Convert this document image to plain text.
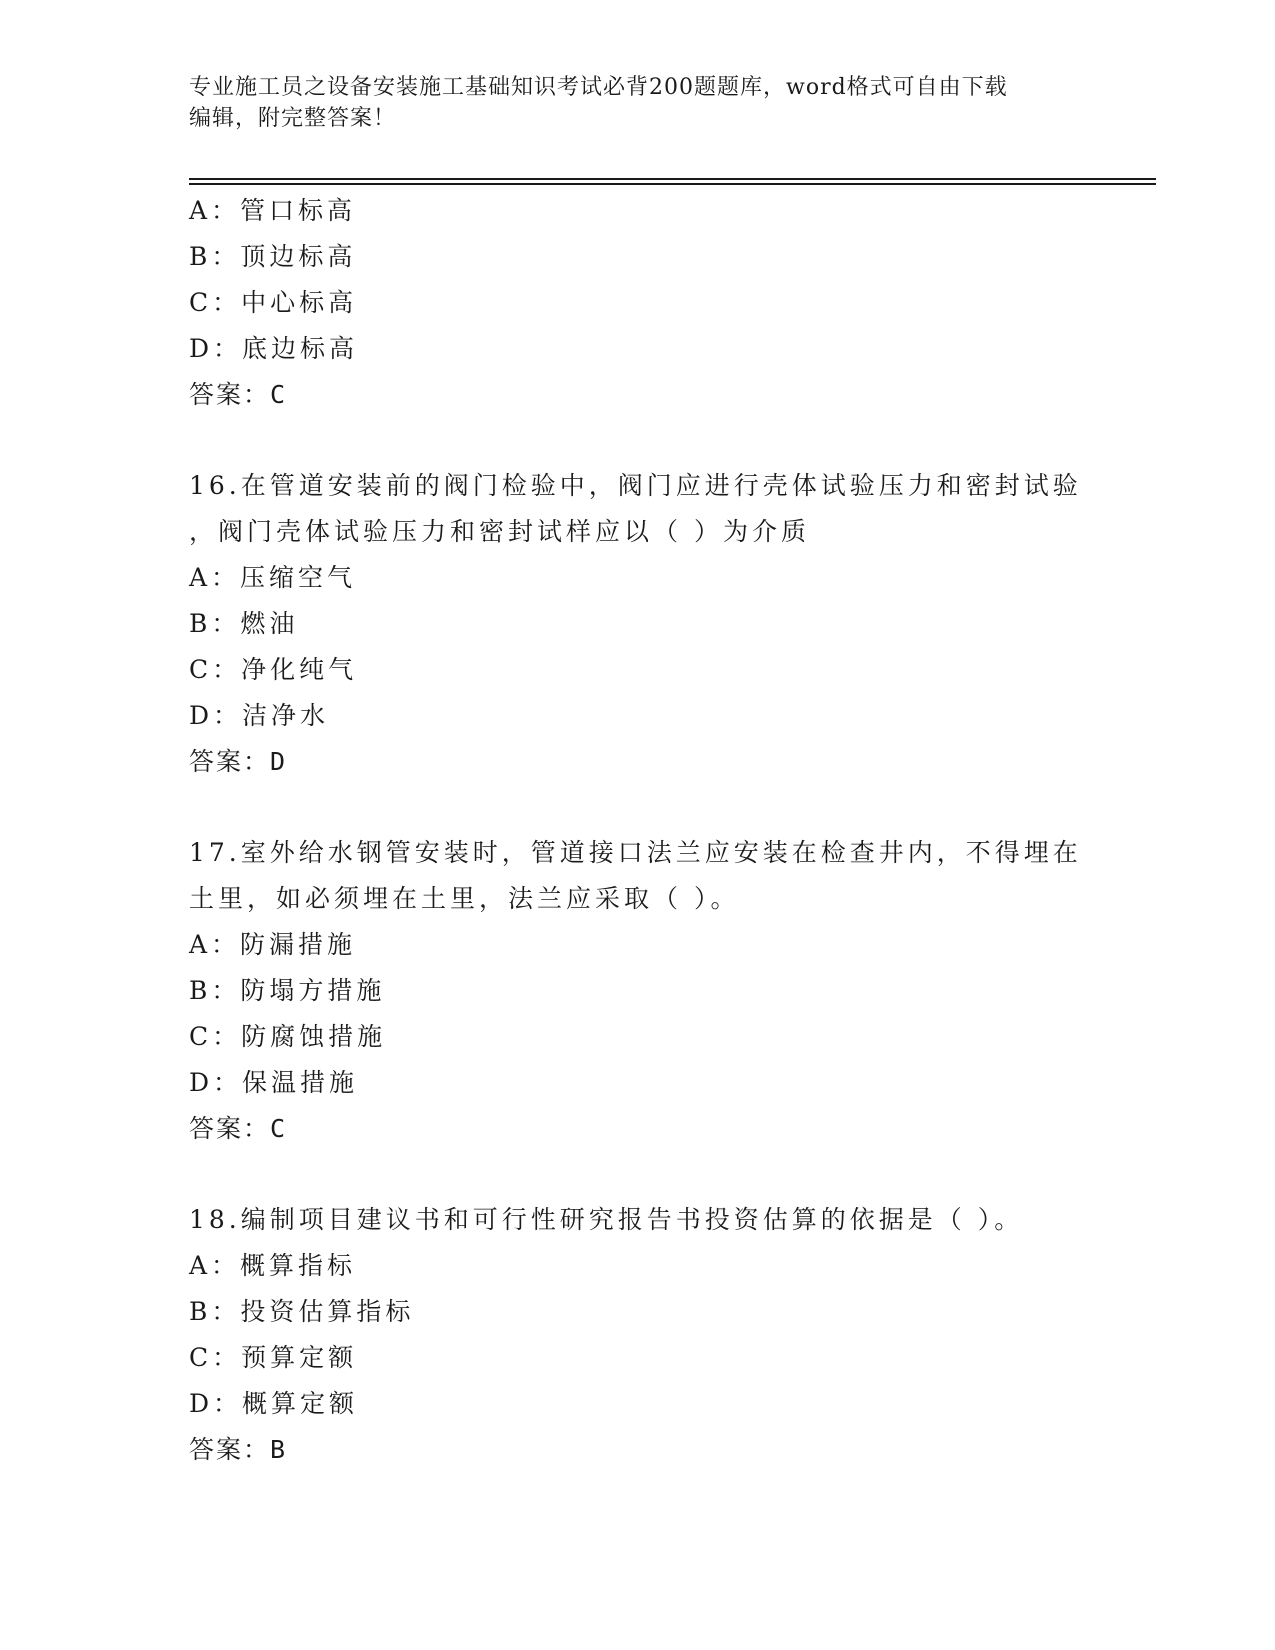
专业施工员之设备安装施工基础知识考试必背200题题库，word格式可自由下载
编辑，附完整答案！
A：管口标高
B：顶边标高
C：中心标高
D：底边标高
答案：C
16.在管道安装前的阀门检验中，阀门应进行壳体试验压力和密封试验
，阀门壳体试验压力和密封试样应以（ ）为介质
A：压缩空气
B：燃油
C：净化纯气
D：洁净水
答案：D
17.室外给水钢管安装时，管道接口法兰应安装在检查井内，不得埋在
土里，如必须埋在土里，法兰应采取（ ）。
A：防漏措施
B：防塌方措施
C：防腐蚀措施
D：保温措施
答案：C
18.编制项目建议书和可行性研究报告书投资估算的依据是（ ）。
A：概算指标
B：投资估算指标
C：预算定额
D：概算定额
答案：B
